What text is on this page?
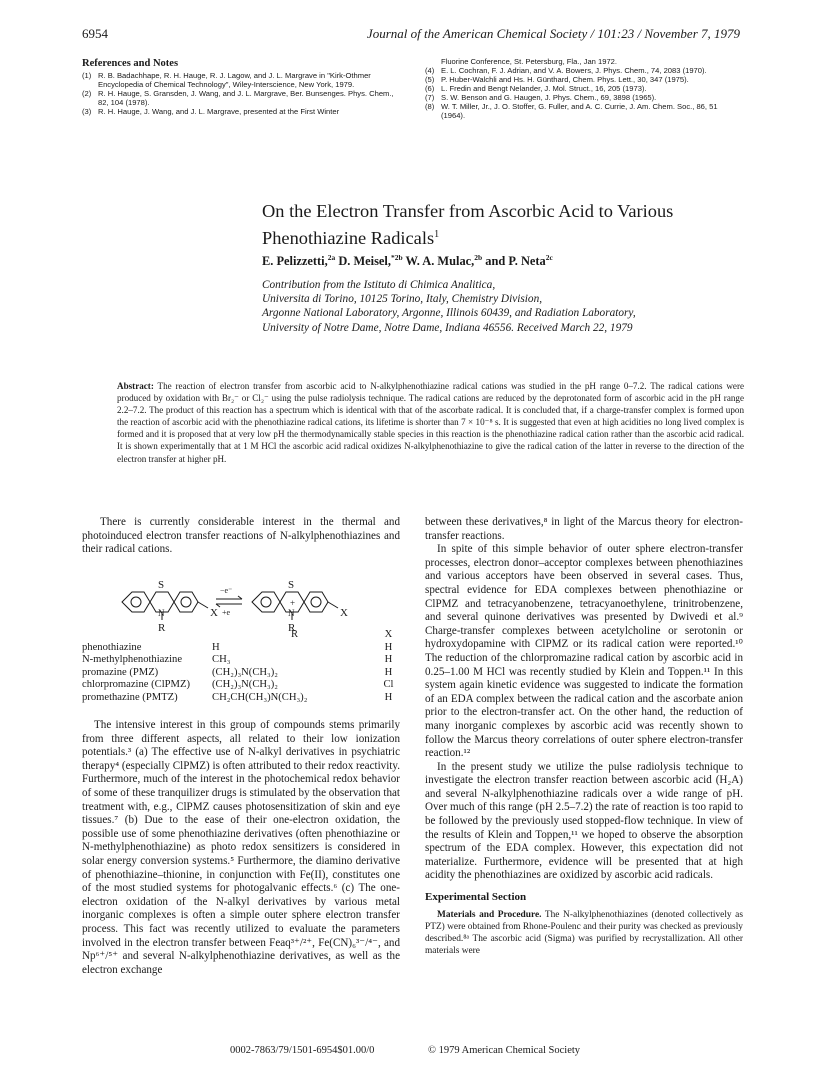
6954	Journal of the American Chemical Society / 101:23 / November 7, 1979
References and Notes
(1) R. B. Badachhape, R. H. Hauge, R. J. Lagow, and J. L. Margrave in "Kirk-Othmer Encyclopedia of Chemical Technology", Wiley-Interscience, New York, 1979.
(2) R. H. Hauge, S. Gransden, J. Wang, and J. L. Margrave, Ber. Bunsenges. Phys. Chem., 82, 104 (1978).
(3) R. H. Hauge, J. Wang, and J. L. Margrave, presented at the First Winter
Fluorine Conference, St. Petersburg, Fla., Jan 1972.
(4) E. L. Cochran, F. J. Adrian, and V. A. Bowers, J. Phys. Chem., 74, 2083 (1970).
(5) P. Huber-Walchli and Hs. H. Günthard, Chem. Phys. Lett., 30, 347 (1975).
(6) L. Fredin and Bengt Nelander, J. Mol. Struct., 16, 205 (1973).
(7) S. W. Benson and G. Haugen, J. Phys. Chem., 69, 3898 (1965).
(8) W. T. Miller, Jr., J. O. Stoffer, G. Fuller, and A. C. Currie, J. Am. Chem. Soc., 86, 51 (1964).
On the Electron Transfer from Ascorbic Acid to Various
Phenothiazine Radicals$^1$
E. Pelizzetti,$^{2a}$ D. Meisel,$^{*2b}$ W. A. Mulac,$^{2b}$ and P. Neta$^{2c}$
Contribution from the Istituto di Chimica Analitica,
Universita di Torino, 10125 Torino, Italy, Chemistry Division,
Argonne National Laboratory, Argonne, Illinois 60439, and Radiation Laboratory,
University of Notre Dame, Notre Dame, Indiana 46556. Received March 22, 1979
Abstract: The reaction of electron transfer from ascorbic acid to N-alkylphenothiazine radical cations was studied in the pH range 0–7.2. The radical cations were produced by oxidation with Br₂⁻ or Cl₂⁻ using the pulse radiolysis technique. The radical cations are reduced by the deprotonated form of ascorbic acid in the pH range 2.2–7.2. The product of this reaction has a spectrum which is identical with that of the ascorbate radical. It is concluded that, if a charge-transfer complex is formed upon the reaction of ascorbic acid with the phenothiazine radical cations, its lifetime is shorter than 7 × 10⁻⁸ s. It is suggested that even at high acidities no long lived complex is formed and it is proposed that at very low pH the thermodynamically stable species in this reaction is the phenothiazine radical cation rather than the ascorbic acid radical. It is shown experimentally that at 1 M HCl the ascorbic acid radical oxidizes N-alkylphenothiazine to give the radical cation of the latter in reverse to the direction of the electron transfer at higher pH.
There is currently considerable interest in the thermal and photoinduced electron transfer reactions of N-alkylphenothiazines and their radical cations.
S
N
R
X
−e⁻
+e
S
+
N
R
X
	R	X
phenothiazine	H	H
N-methylphenothiazine	CH₃	H
promazine (PMZ)	(CH₂)₃N(CH₃)₂	H
chlorpromazine (ClPMZ)	(CH₂)₃N(CH₃)₂	Cl
promethazine (PMTZ)	CH₂CH(CH₃)N(CH₃)₂	H

The intensive interest in this group of compounds stems primarily from three different aspects, all related to their low ionization potentials.³ (a) The effective use of N-alkyl derivatives in psychiatric therapy⁴ (especially ClPMZ) is often attributed to their redox reactivity. Furthermore, much of the interest in the photochemical redox behavior of some of these tranquilizer drugs is stimulated by the observation that treatment with, e.g., ClPMZ causes photosensitization of skin and eye tissues.⁷ (b) Due to the ease of their one-electron oxidation, the possible use of some phenothiazine derivatives (often phenothiazine or N-methylphenothiazine) as photo redox sensitizers is considered in solar energy conversion systems.⁵ Furthermore, the diamino derivative of phenothiazine–thionine, in conjunction with Fe(II), constitutes one of the most studied systems for photogalvanic effects.⁶ (c) The one-electron oxidation of the N-alkyl derivatives by various metal inorganic complexes is often a simple outer sphere electron transfer process. This fact was recently utilized to evaluate the parameters involved in the electron transfer between Feaq³⁺/²⁺, Fe(CN)₆³⁻/⁴⁻, and Np⁶⁺/⁵⁺ and several N-alkylphenothiazine derivatives, as well as the electron exchange

between these derivatives,⁸ in light of the Marcus theory for electron-transfer reactions.

In spite of this simple behavior of outer sphere electron-transfer processes, electron donor–acceptor complexes between phenothiazines and various acceptors have been observed in several cases. Thus, spectral evidence for EDA complexes between phenothiazine or ClPMZ and tetracyanobenzene, tetracyanoethylene, trinitrobenzene, and several quinone derivatives was presented by Dwivedi et al.⁹ Charge-transfer complexes between acetylcholine or serotonin or hydroxydopamine with ClPMZ or its radical cation were reported.¹⁰ The reduction of the chlorpromazine radical cation by ascorbic acid in 0.25–1.00 M HCl was recently studied by Klein and Toppen.¹¹ In this system again kinetic evidence was suggested to indicate the formation of an EDA complex between the radical cation and the ascorbate anion prior to the electron-transfer act. On the other hand, the reduction of many inorganic complexes by ascorbic acid was recently shown to follow the Marcus theory correlations of outer sphere electron-transfer reaction.¹²

In the present study we utilize the pulse radiolysis technique to investigate the electron transfer reaction between ascorbic acid (H₂A) and several N-alkylphenothiazine radicals over a wide range of pH. Over much of this range (pH 2.5–7.2) the rate of reaction is too rapid to be followed by the previously used stopped-flow technique. In view of the results of Klein and Toppen,¹¹ we hoped to observe the absorption spectrum of the EDA complex. However, this expectation did not materialize. Furthermore, evidence will be presented that at high acidity the phenothiazines are oxidized by ascorbic acid radicals.

Experimental Section

Materials and Procedure. The N-alkylphenothiazines (denoted collectively as PTZ) were obtained from Rhone-Poulenc and their purity was checked as previously described.⁸ᵃ The ascorbic acid (Sigma) was purified by recrystallization. All other materials were

0002-7863/79/1501-6954$01.00/0	© 1979 American Chemical Society
